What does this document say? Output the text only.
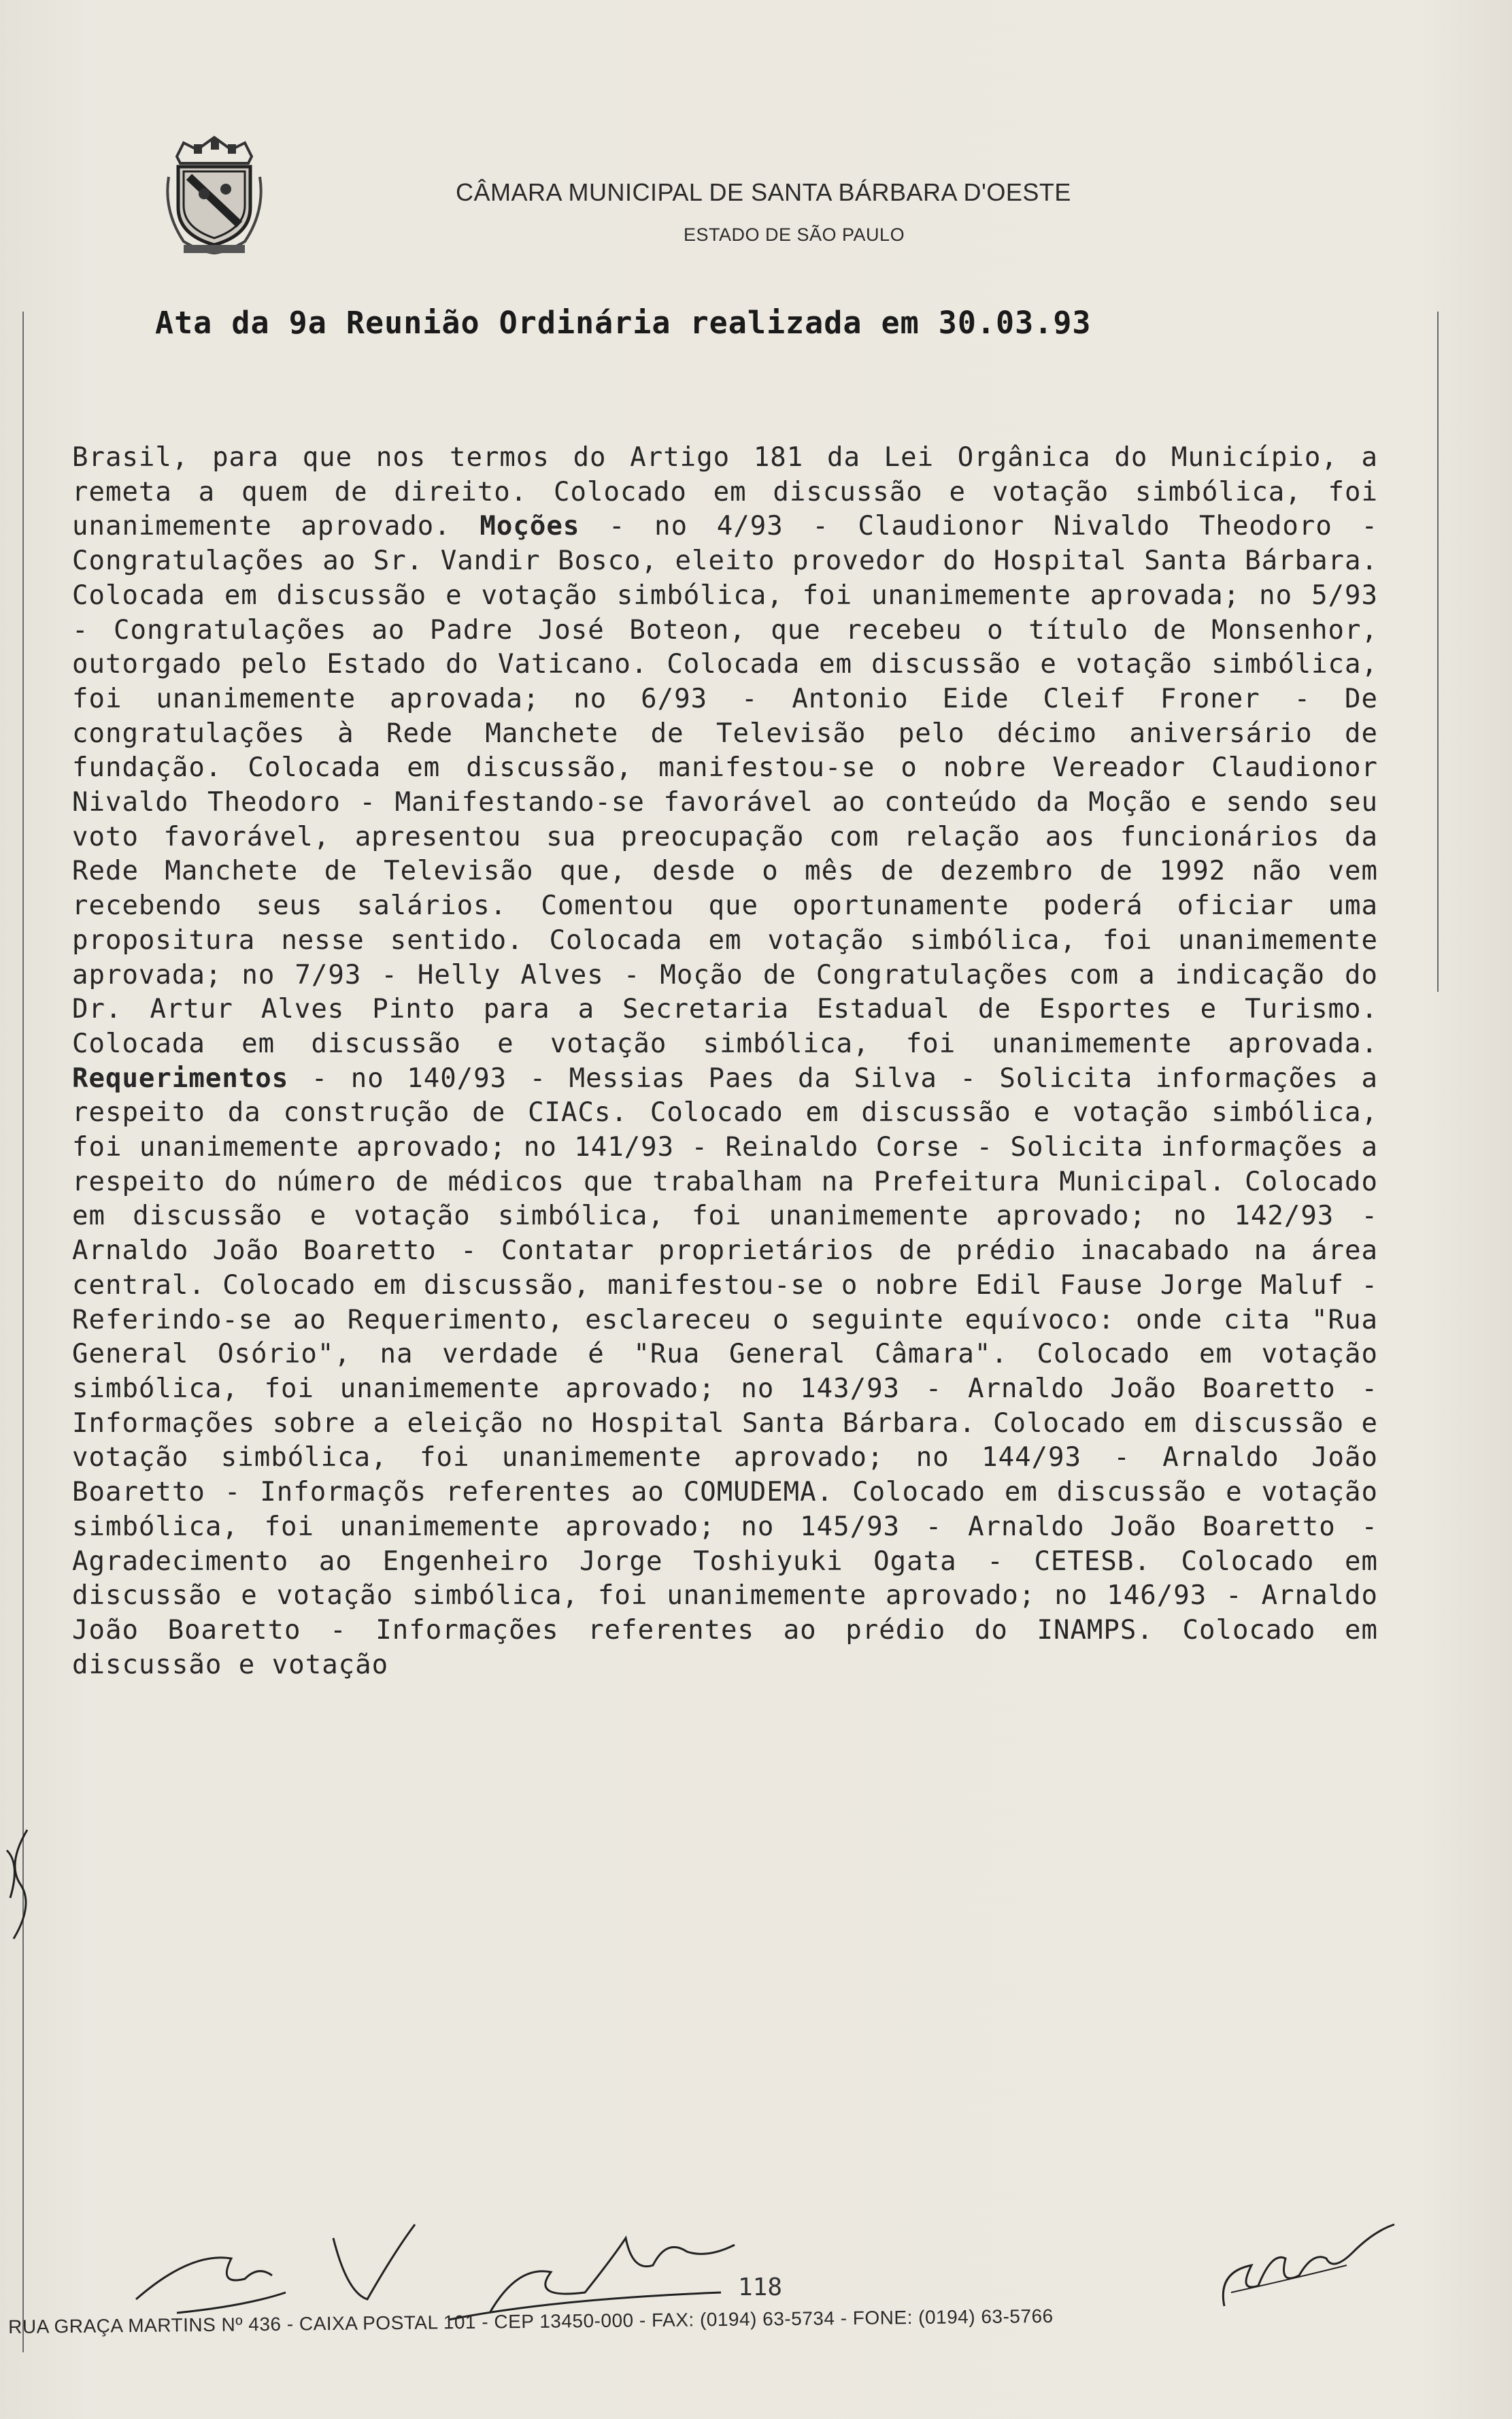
CÂMARA MUNICIPAL DE SANTA BÁRBARA D'OESTE
ESTADO DE SÃO PAULO
Ata da 9a Reunião Ordinária realizada em 30.03.93
Brasil, para que nos termos do Artigo 181 da Lei Orgânica do Município, a remeta a quem de direito. Colocado em discussão e votação simbólica, foi unanimemente aprovado. Moções - no 4/93 - Claudionor Nivaldo Theodoro - Congratulações ao Sr. Vandir Bosco, eleito provedor do Hospital Santa Bárbara. Colocada em discussão e votação simbólica, foi unanimemente aprovada; no 5/93 - Congratulações ao Padre José Boteon, que recebeu o título de Monsenhor, outorgado pelo Estado do Vaticano. Colocada em discussão e votação simbólica, foi unanimemente aprovada; no 6/93 - Antonio Eide Cleif Froner - De congratulações à Rede Manchete de Televisão pelo décimo aniversário de fundação. Colocada em discussão, manifestou-se o nobre Vereador Claudionor Nivaldo Theodoro - Manifestando-se favorável ao conteúdo da Moção e sendo seu voto favorável, apresentou sua preocupação com relação aos funcionários da Rede Manchete de Televisão que, desde o mês de dezembro de 1992 não vem recebendo seus salários. Comentou que oportunamente poderá oficiar uma propositura nesse sentido. Colocada em votação simbólica, foi unanimemente aprovada; no 7/93 - Helly Alves - Moção de Congratulações com a indicação do Dr. Artur Alves Pinto para a Secretaria Estadual de Esportes e Turismo. Colocada em discussão e votação simbólica, foi unanimemente aprovada. Requerimentos - no 140/93 - Messias Paes da Silva - Solicita informações a respeito da construção de CIACs. Colocado em discussão e votação simbólica, foi unanimemente aprovado; no 141/93 - Reinaldo Corse - Solicita informações a respeito do número de médicos que trabalham na Prefeitura Municipal. Colocado em discussão e votação simbólica, foi unanimemente aprovado; no 142/93 - Arnaldo João Boaretto - Contatar proprietários de prédio inacabado na área central. Colocado em discussão, manifestou-se o nobre Edil Fause Jorge Maluf - Referindo-se ao Requerimento, esclareceu o seguinte equívoco: onde cita "Rua General Osório", na verdade é "Rua General Câmara". Colocado em votação simbólica, foi unanimemente aprovado; no 143/93 - Arnaldo João Boaretto - Informações sobre a eleição no Hospital Santa Bárbara. Colocado em discussão e votação simbólica, foi unanimemente aprovado; no 144/93 - Arnaldo João Boaretto - Informaçõs referentes ao COMUDEMA. Colocado em discussão e votação simbólica, foi unanimemente aprovado; no 145/93 - Arnaldo João Boaretto - Agradecimento ao Engenheiro Jorge Toshiyuki Ogata - CETESB. Colocado em discussão e votação simbólica, foi unanimemente aprovado; no 146/93 - Arnaldo João Boaretto - Informações referentes ao prédio do INAMPS. Colocado em discussão e votação
118
RUA GRAÇA MARTINS Nº 436 - CAIXA POSTAL 101 - CEP 13450-000 - FAX: (0194) 63-5734 - FONE: (0194) 63-5766
